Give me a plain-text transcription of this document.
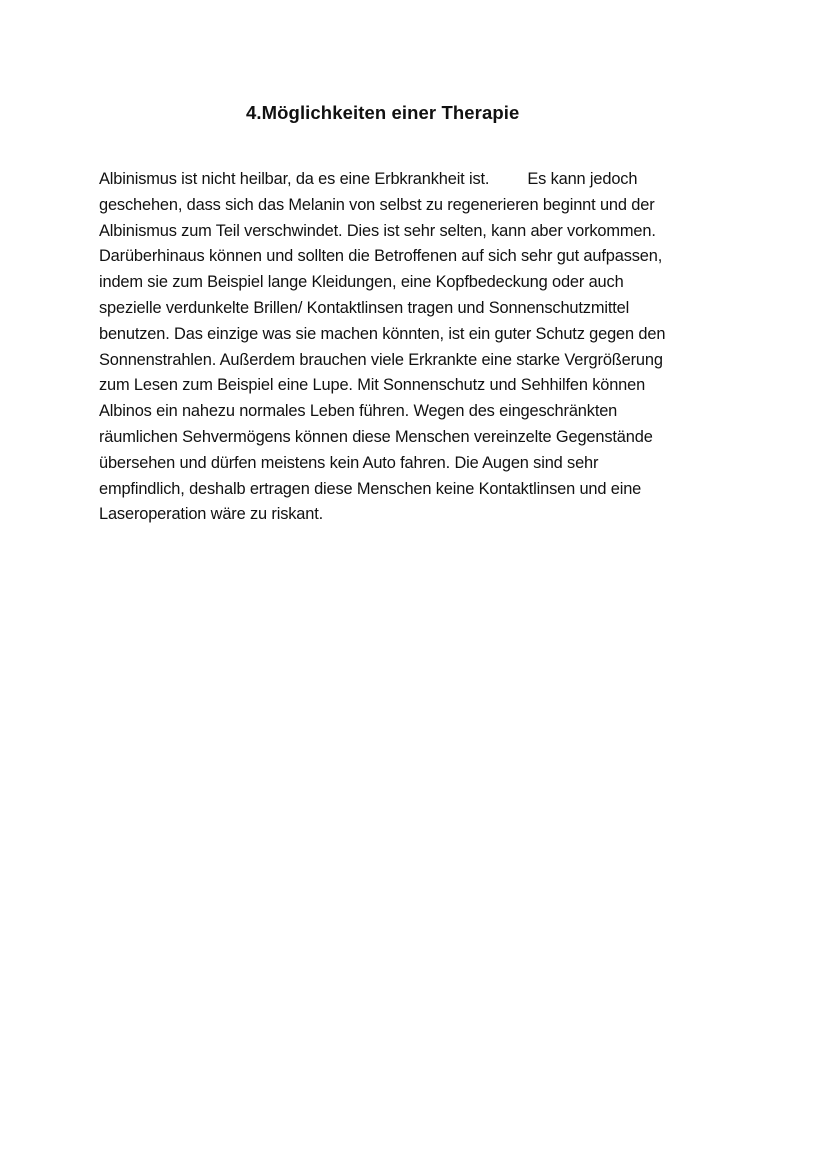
4.Möglichkeiten einer Therapie

Albinismus ist nicht heilbar, da es eine Erbkrankheit ist. Es kann jedoch
geschehen, dass sich das Melanin von selbst zu regenerieren beginnt und der
Albinismus zum Teil verschwindet. Dies ist sehr selten, kann aber vorkommen.
Darüberhinaus können und sollten die Betroffenen auf sich sehr gut aufpassen,
indem sie zum Beispiel lange Kleidungen, eine Kopfbedeckung oder auch
spezielle verdunkelte Brillen/ Kontaktlinsen tragen und Sonnenschutzmittel
benutzen. Das einzige was sie machen könnten, ist ein guter Schutz gegen den
Sonnenstrahlen. Außerdem brauchen viele Erkrankte eine starke Vergrößerung
zum Lesen zum Beispiel eine Lupe. Mit Sonnenschutz und Sehhilfen können
Albinos ein nahezu normales Leben führen. Wegen des eingeschränkten
räumlichen Sehvermögens können diese Menschen vereinzelte Gegenstände
übersehen und dürfen meistens kein Auto fahren. Die Augen sind sehr
empfindlich, deshalb ertragen diese Menschen keine Kontaktlinsen und eine
Laseroperation wäre zu riskant.
